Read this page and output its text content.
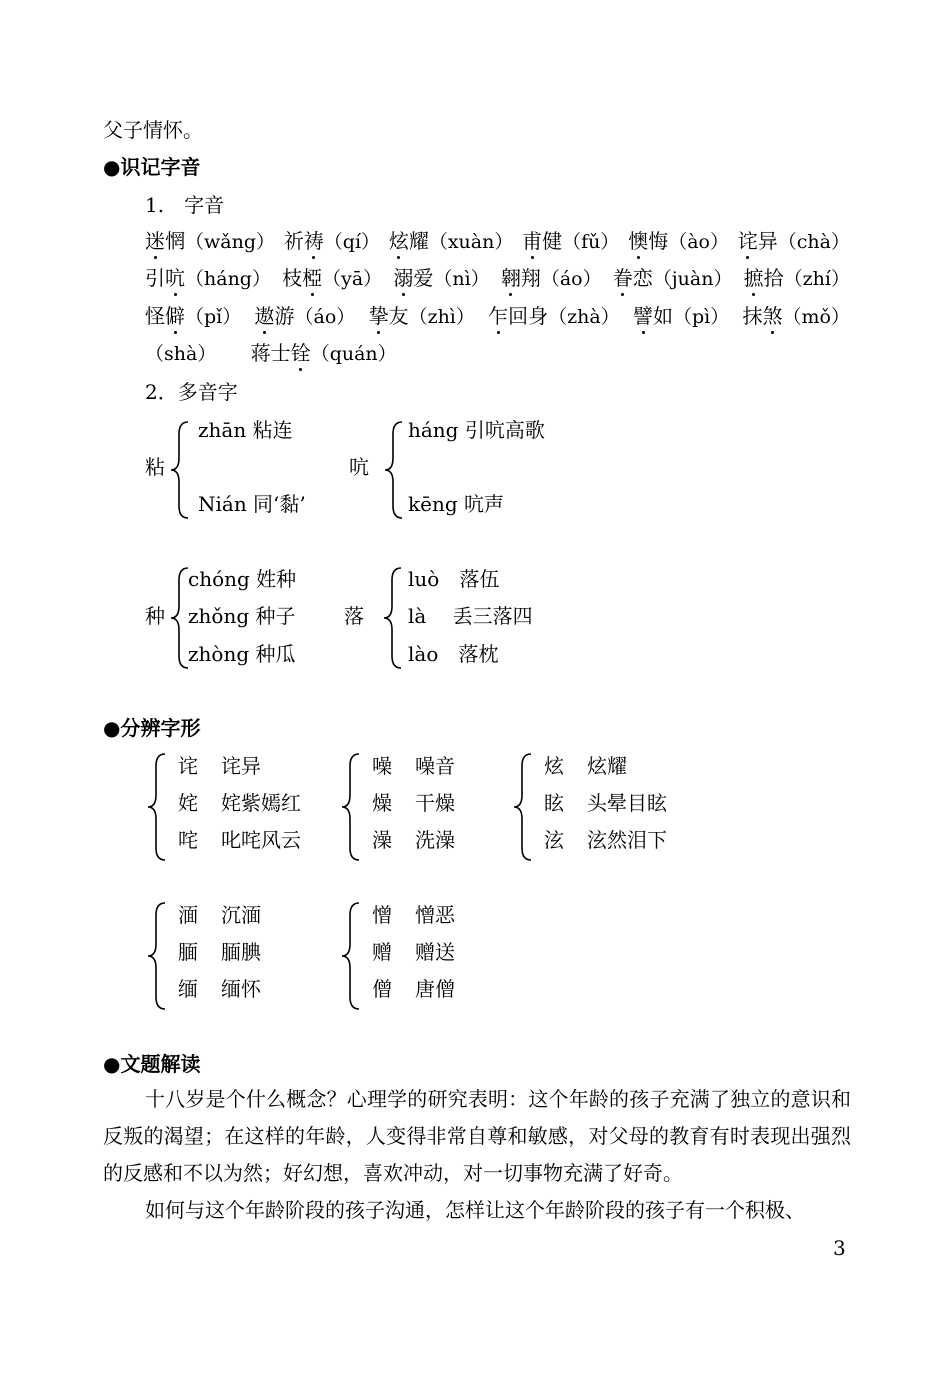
父子情怀。
●识记字音
1.　字音
迷惘（wǎng） 祈祷（qí） 炫耀（xuàn） 甫健（fǔ） 懊悔（ào） 诧异（chà）
引吭（háng） 枝椏（yā） 溺爱（nì） 翱翔（áo） 眷恋（juàn） 摭拾（zhí）
怪僻（pǐ） 遨游（áo） 挚友（zhì） 乍回身（zhà） 譬如（pì） 抹煞（mǒ）
（shà） 蒋士铨（quán）
2．多音字
粘
zhān 粘连
Nián 同‘黏’
吭
háng 引吭高歌
kēng 吭声
种
chóng 姓种
zhǒng 种子
zhòng 种瓜
落
luò　落伍
là　 丢三落四
lào　落枕
●分辨字形
诧 诧异
姹 姹紫嫣红
咤 叱咤风云
噪 噪音
燥 干燥
澡 洗澡
炫 炫耀
眩 头晕目眩
泫 泫然泪下
湎 沉湎
腼 腼腆
缅 缅怀
憎 憎恶
赠 赠送
僧 唐僧
●文题解读
十八岁是个什么概念？心理学的研究表明：这个年龄的孩子充满了独立的意识和反叛的渴望；在这样的年龄，人变得非常自尊和敏感，对父母的教育有时表现出强烈的反感和不以为然；好幻想，喜欢冲动，对一切事物充满了好奇。
如何与这个年龄阶段的孩子沟通，怎样让这个年龄阶段的孩子有一个积极、
3
